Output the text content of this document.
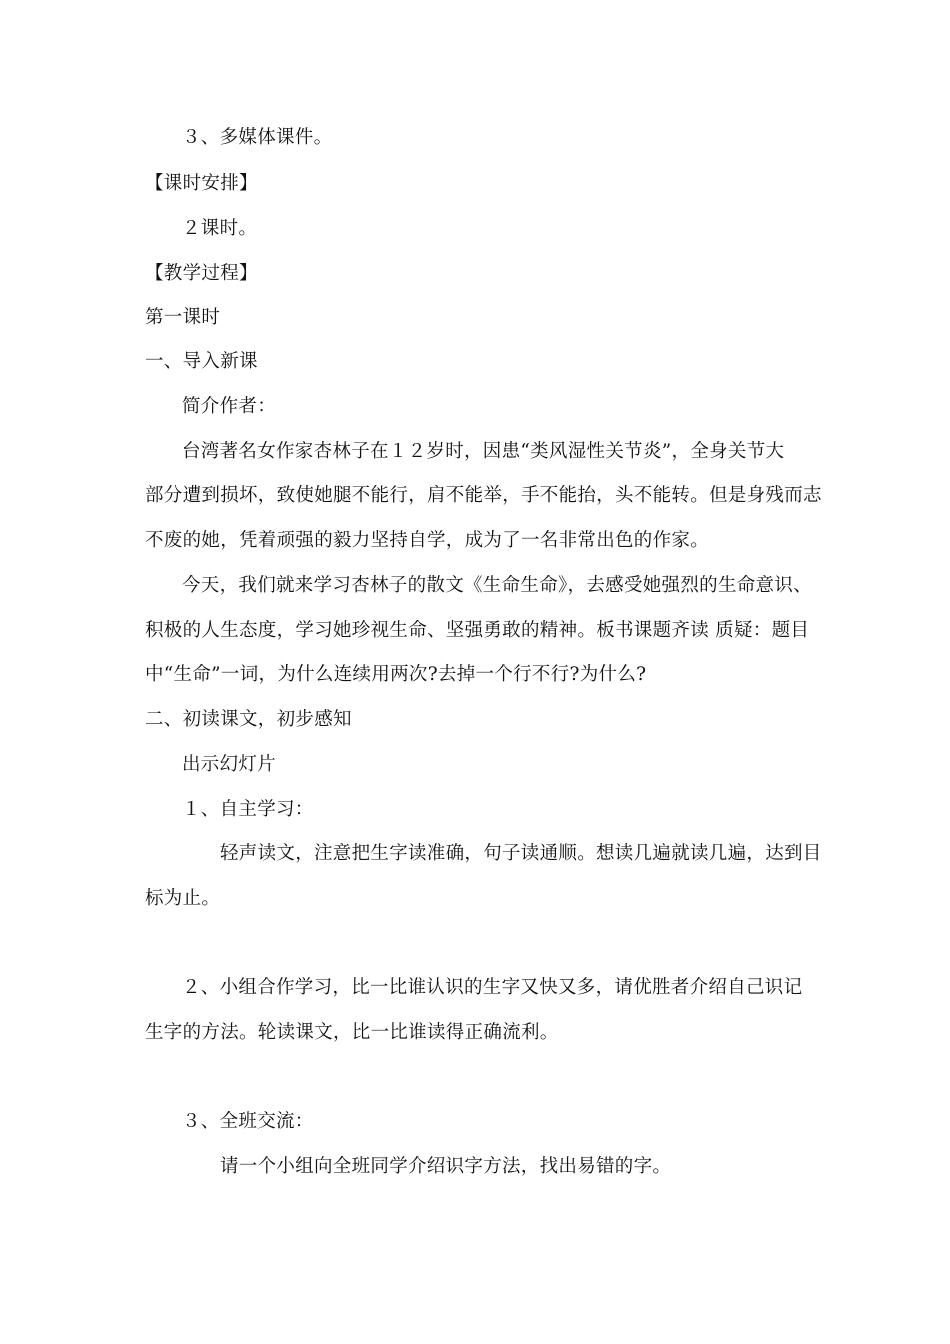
３、多媒体课件。
【课时安排】
２课时。
【教学过程】
第一课时
一、导入新课
简介作者：
台湾著名女作家杏林子在１２岁时，因患“类风湿性关节炎”，全身关节大
部分遭到损坏，致使她腿不能行，肩不能举，手不能抬，头不能转。但是身残而志
不废的她，凭着顽强的毅力坚持自学，成为了一名非常出色的作家。
今天，我们就来学习杏林子的散文《生命生命》，去感受她强烈的生命意识、
积极的人生态度，学习她珍视生命、坚强勇敢的精神。板书课题齐读 质疑：题目
中“生命”一词，为什么连续用两次?去掉一个行不行?为什么?
二、初读课文，初步感知
出示幻灯片
１、自主学习：
轻声读文，注意把生字读准确，句子读通顺。想读几遍就读几遍，达到目
标为止。
２、小组合作学习，比一比谁认识的生字又快又多，请优胜者介绍自己识记
生字的方法。轮读课文，比一比谁读得正确流利。
３、全班交流：
请一个小组向全班同学介绍识字方法，找出易错的字。
